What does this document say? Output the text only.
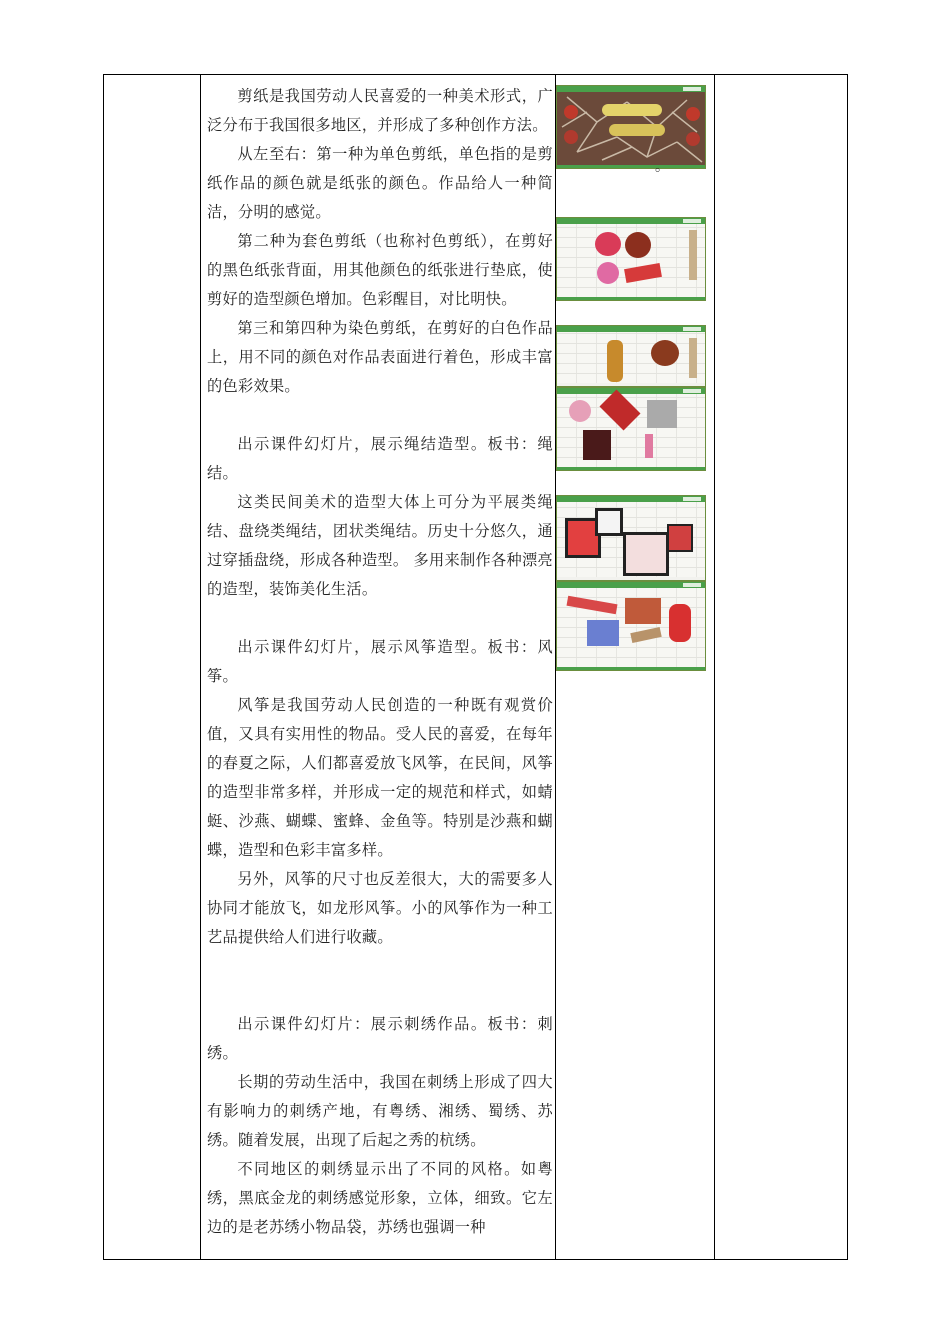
剪纸是我国劳动人民喜爱的一种美术形式，广泛分布于我国很多地区，并形成了多种创作方法。

从左至右：第一种为单色剪纸，单色指的是剪纸作品的颜色就是纸张的颜色。作品给人一种简洁，分明的感觉。

第二种为套色剪纸（也称衬色剪纸），在剪好的黑色纸张背面，用其他颜色的纸张进行垫底，使剪好的造型颜色增加。色彩醒目，对比明快。

第三和第四种为染色剪纸，在剪好的白色作品上，用不同的颜色对作品表面进行着色，形成丰富的色彩效果。

出示课件幻灯片，展示绳结造型。板书：绳结。

这类民间美术的造型大体上可分为平展类绳结、盘绕类绳结，团状类绳结。历史十分悠久，通过穿插盘绕，形成各种造型。 多用来制作各种漂亮的造型，装饰美化生活。

出示课件幻灯片，展示风筝造型。板书：风筝。

风筝是我国劳动人民创造的一种既有观赏价值，又具有实用性的物品。受人民的喜爱，在每年的春夏之际，人们都喜爱放飞风筝，在民间，风筝的造型非常多样，并形成一定的规范和样式，如蜻蜓、沙燕、蝴蝶、蜜蜂、金鱼等。特别是沙燕和蝴蝶，造型和色彩丰富多样。

另外，风筝的尺寸也反差很大，大的需要多人协同才能放飞，如龙形风筝。小的风筝作为一种工艺品提供给人们进行收藏。

出示课件幻灯片：展示刺绣作品。板书：刺绣。

长期的劳动生活中，我国在刺绣上形成了四大有影响力的刺绣产地，有粤绣、湘绣、蜀绣、苏绣。随着发展，出现了后起之秀的杭绣。

不同地区的刺绣显示出了不同的风格。如粤绣，黑底金龙的刺绣感觉形象，立体，细致。它左边的是老苏绣小物品袋，苏绣也强调一种

。
